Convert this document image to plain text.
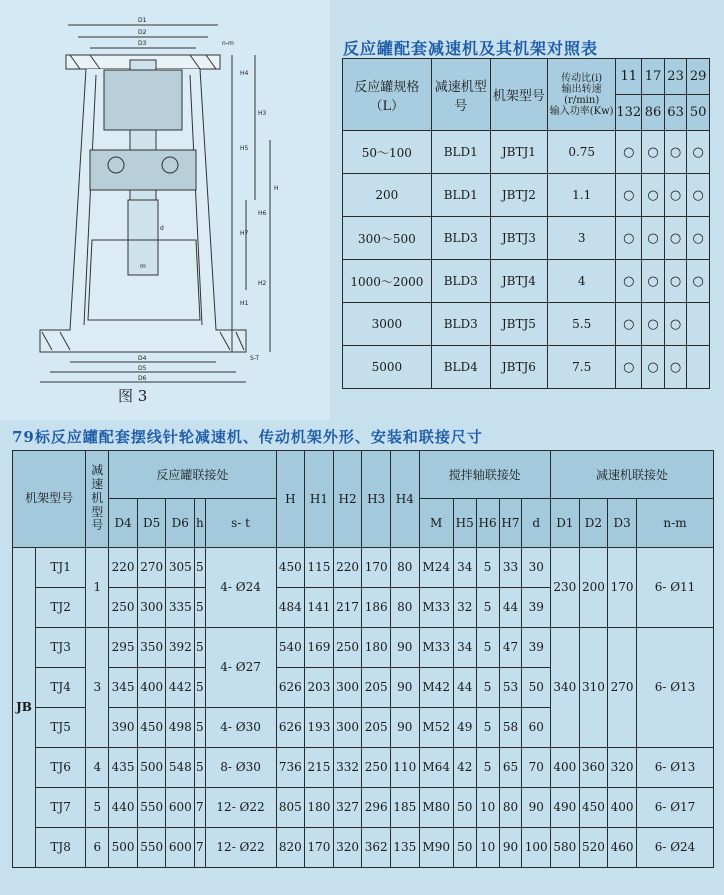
D1
D2
D3	n-m
H4
H3
H5
H6
H
H7
H2
H1
D4
D5
D6
S-T
d
m
图 3
反应罐配套减速机及其机架对照表
反应罐规格（L）	减速机型号	机架型号	传动比(i)
输出转速(r/min)
输入功率(Kw)	11	17	23	29
				132	86	63	50
50～100	BLD1	JBTJ1	0.75	○	○	○	○
200	BLD1	JBTJ2	1.1	○	○	○	○
300～500	BLD3	JBTJ3	3	○	○	○	○
1000～2000	BLD3	JBTJ4	4	○	○	○	○
3000	BLD3	JBTJ5	5.5	○	○	○	
5000	BLD4	JBTJ6	7.5	○	○	○	
79标反应罐配套摆线针轮减速机、传动机架外形、安装和联接尺寸
机架型号		减速机型号	反应罐联接处					H	H1	H2	H3	H4	搅拌轴联接处					减速机联接处			
			D4	D5	D6	h	s- t						M	H5	H6	H7	d	D1	D2	D3	n-m
JB	TJ1	1	220	270	305	5	4- Ø24	450	115	220	170	80	M24	34	5	33	30	230	200	170	6- Ø11
	TJ2		250	300	335	5		484	141	217	186	80	M33	32	5	44	39				
	TJ3	3	295	350	392	5	4- Ø27	540	169	250	180	90	M33	34	5	47	39	340	310	270	6- Ø13
	TJ4		345	400	442	5		626	203	300	205	90	M42	44	5	53	50				
	TJ5		390	450	498	5	4- Ø30	626	193	300	205	90	M52	49	5	58	60				
	TJ6	4	435	500	548	5	8- Ø30	736	215	332	250	110	M64	42	5	65	70	400	360	320	6- Ø13
	TJ7	5	440	550	600	7	12- Ø22	805	180	327	296	185	M80	50	10	80	90	490	450	400	6- Ø17
	TJ8	6	500	550	600	7	12- Ø22	820	170	320	362	135	M90	50	10	90	100	580	520	460	6- Ø24
